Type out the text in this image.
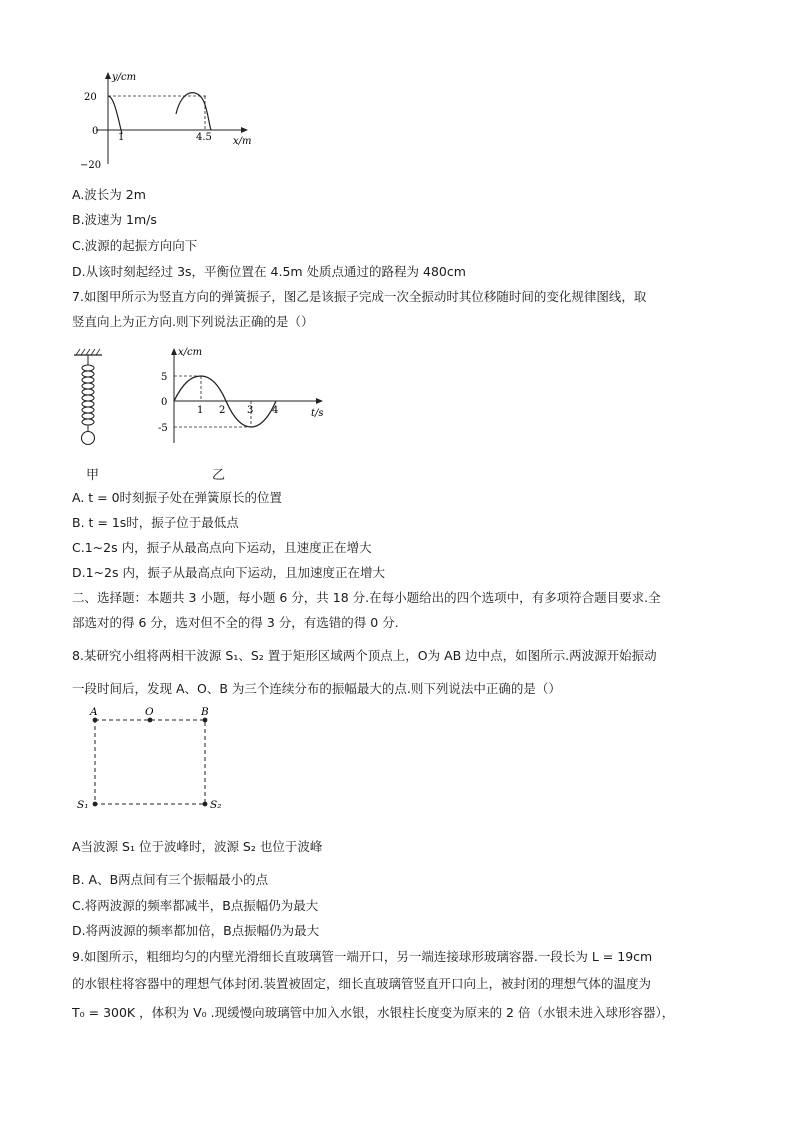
y/cm
x/m
20
0
−20
1	4.5
A.波长为 2m
B.波速为 1m/s
C.波源的起振方向向下
D.从该时刻起经过 3s，平衡位置在 4.5m 处质点通过的路程为 480cm
7.如图甲所示为竖直方向的弹簧振子，图乙是该振子完成一次全振动时其位移随时间的变化规律图线，取
竖直向上为正方向.则下列说法正确的是（）
甲
x/cm
t/s
5
0
-5
1 2 3 4
乙
A. t = 0时刻振子处在弹簧原长的位置
B. t = 1s时，振子位于最低点
C.1~2s 内，振子从最高点向下运动，且速度正在增大
D.1~2s 内，振子从最高点向下运动，且加速度正在增大
二、选择题：本题共 3 小题，每小题 6 分，共 18 分.在每小题给出的四个选项中，有多项符合题目要求.全
部选对的得 6 分，选对但不全的得 3 分，有选错的得 0 分.
8.某研究小组将两相干波源 S₁、S₂ 置于矩形区域两个顶点上，O为 AB 边中点，如图所示.两波源开始振动
一段时间后，发现 A、O、B 为三个连续分布的振幅最大的点.则下列说法中正确的是（）
A	O	B
S₁	S₂
A当波源 S₁ 位于波峰时，波源 S₂ 也位于波峰
B. A、B两点间有三个振幅最小的点
C.将两波源的频率都减半，B点振幅仍为最大
D.将两波源的频率都加倍，B点振幅仍为最大
9.如图所示，粗细均匀的内壁光滑细长直玻璃管一端开口，另一端连接球形玻璃容器.一段长为 L = 19cm
的水银柱将容器中的理想气体封闭.装置被固定，细长直玻璃管竖直开口向上，被封闭的理想气体的温度为
T₀ = 300K ，体积为 V₀ .现缓慢向玻璃管中加入水银，水银柱长度变为原来的 2 倍（水银未进入球形容器），
